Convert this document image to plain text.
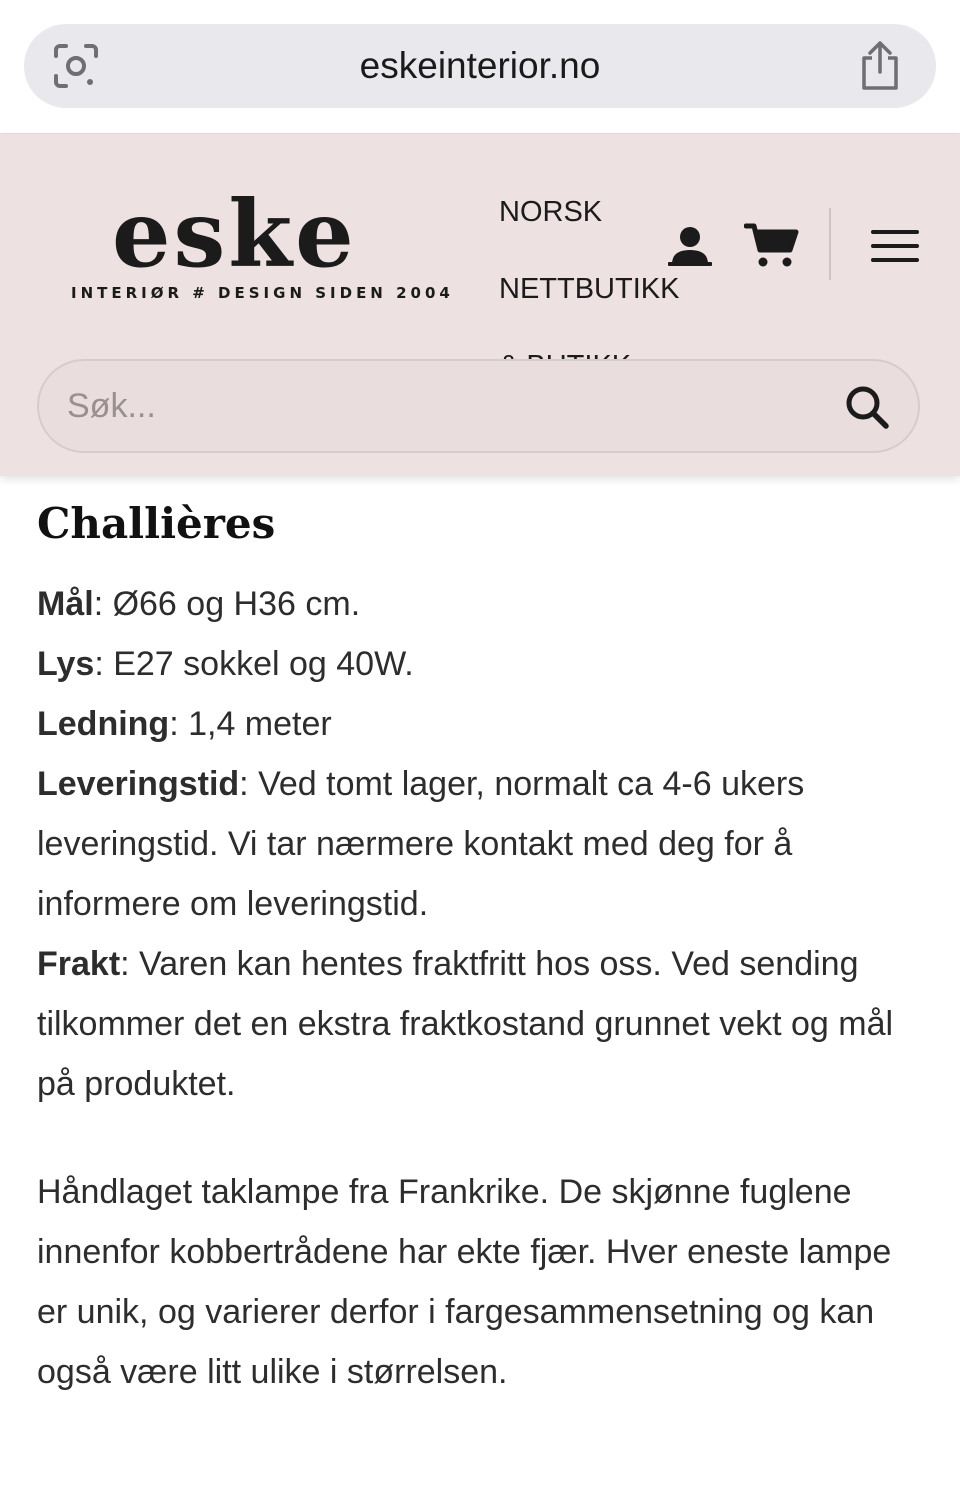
eskeinterior.no
eske
INTERIØR # DESIGN SIDEN 2004
NORSK
NETTBUTIKK
Søk...
Challières
Mål: Ø66 og H36 cm.
Lys: E27 sokkel og 40W.
Ledning: 1,4 meter
Leveringstid: Ved tomt lager, normalt ca 4-6 ukers leveringstid. Vi tar nærmere kontakt med deg for å informere om leveringstid.
Frakt: Varen kan hentes fraktfritt hos oss. Ved sending tilkommer det en ekstra fraktkostand grunnet vekt og mål på produktet.

Håndlaget taklampe fra Frankrike. De skjønne fuglene innenfor kobbertrådene har ekte fjær. Hver eneste lampe er unik, og varierer derfor i fargesammensetning og kan også være litt ulike i størrelsen.
